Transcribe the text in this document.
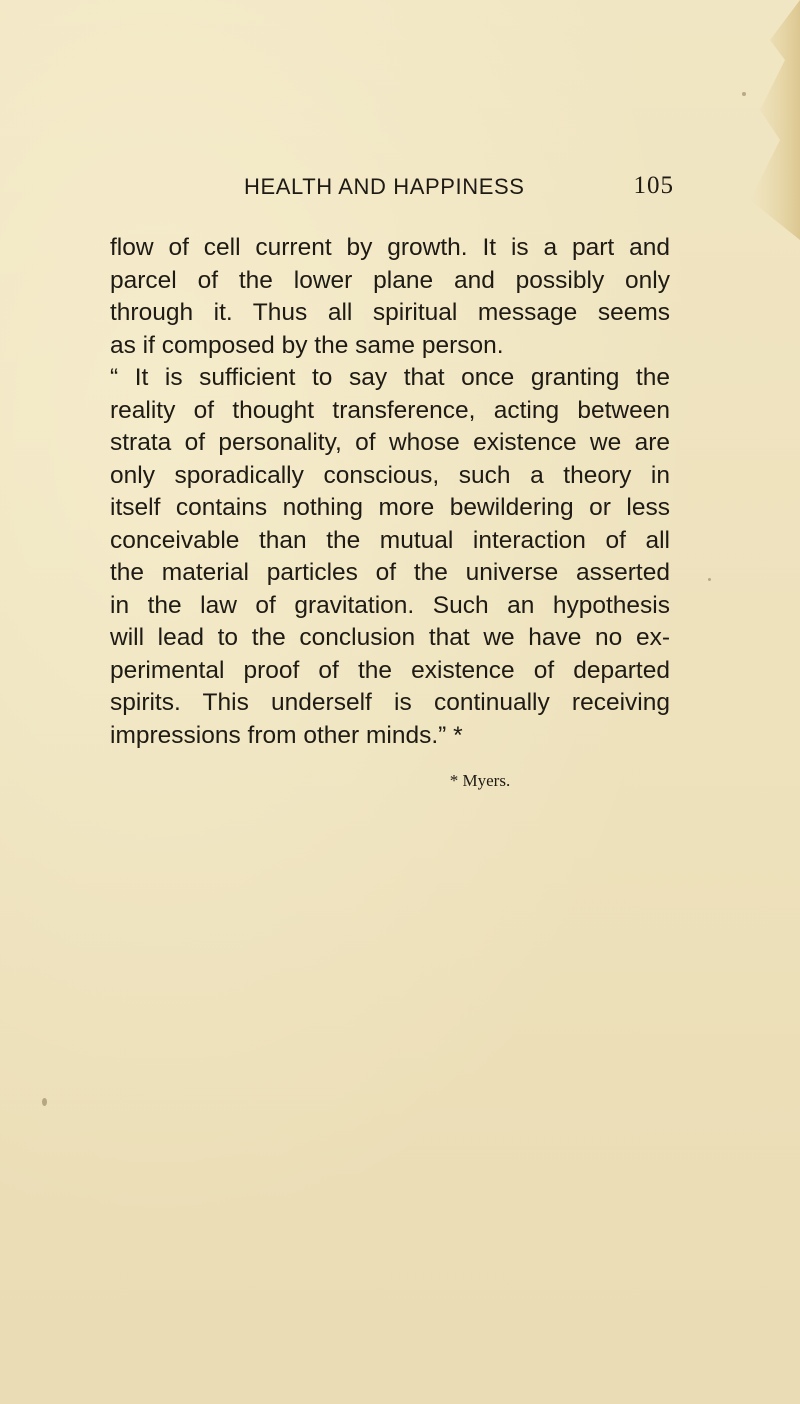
HEALTH AND HAPPINESS	105
flow of cell current by growth. It is a part and
parcel of the lower plane and possibly only
through it. Thus all spiritual message seems
as if composed by the same person.
“ It is sufficient to say that once granting the
reality of thought transference, acting between
strata of personality, of whose existence we are
only sporadically conscious, such a theory in
itself contains nothing more bewildering or less
conceivable than the mutual interaction of all
the material particles of the universe asserted
in the law of gravitation. Such an hypothesis
will lead to the conclusion that we have no ex-
perimental proof of the existence of departed
spirits. This underself is continually receiving
impressions from other minds.” *
* Myers.
